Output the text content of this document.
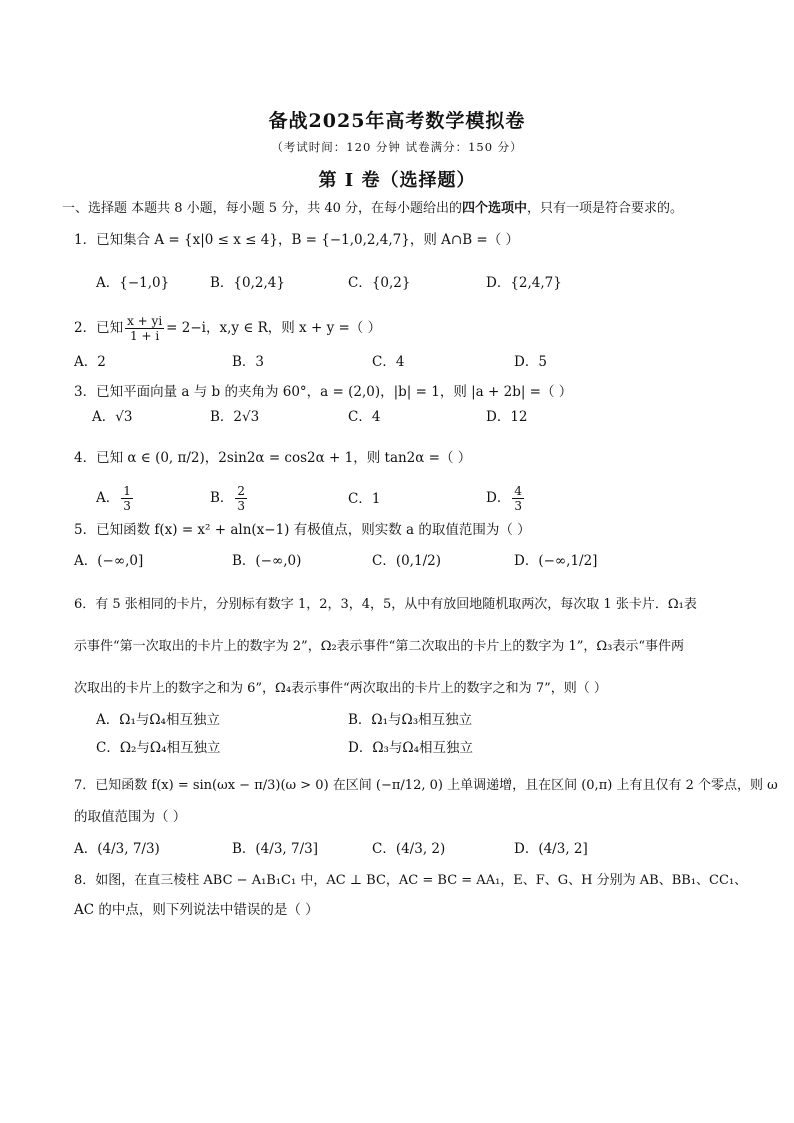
备战2025年高考数学模拟卷
（考试时间：120 分钟 试卷满分：150 分）
第 I 卷（选择题）
一、选择题 本题共 8 小题，每小题 5 分，共 40 分，在每小题给出的四个选项中，只有一项是符合要求的。
1．已知集合 A = {x|0 ≤ x ≤ 4}，B = {−1,0,2,4,7}，则 A∩B =（ ）
A．{−1,0}	B．{0,2,4}	C．{0,2}	D．{2,4,7}
2．已知 $\frac{x + yi}{1 + i} = 2-i$，x,y ∈ R，则 x + y =（ ）
A．2	B．3	C．4	D．5
3．已知平面向量 a 与 b 的夹角为 60°，a = (2,0)，|b| = 1，则 |a + 2b| =（ ）
A．√3	B．2√3	C．4	D．12
4．已知 α ∈ (0, π/2)，2sin2α = cos2α + 1，则 tan2α =（ ）
A． $\frac{1}{3}$	B． $\frac{2}{3}$	C．1	D． $\frac{4}{3}$
5．已知函数 f(x) = x² + aln(x−1) 有极值点，则实数 a 的取值范围为（ ）
A．(−∞,0]	B．(−∞,0)	C．(0,1/2)	D．(−∞,1/2]
6．有 5 张相同的卡片，分别标有数字 1，2，3，4，5，从中有放回地随机取两次，每次取 1 张卡片．Ω₁表
示事件“第一次取出的卡片上的数字为 2”，Ω₂表示事件“第二次取出的卡片上的数字为 1”，Ω₃表示“事件两
次取出的卡片上的数字之和为 6”，Ω₄表示事件“两次取出的卡片上的数字之和为 7”，则（ ）
A．Ω₁与Ω₄相互独立	B．Ω₁与Ω₃相互独立
C．Ω₂与Ω₄相互独立	D．Ω₃与Ω₄相互独立
7．已知函数 f(x) = sin(ωx − π/3)(ω > 0) 在区间 (−π/12, 0) 上单调递增，且在区间 (0,π) 上有且仅有 2 个零点，则 ω
的取值范围为（ ）
A．(4/3, 7/3)	B．(4/3, 7/3]	C．(4/3, 2)	D．(4/3, 2]
8．如图，在直三棱柱 ABC − A₁B₁C₁ 中，AC ⊥ BC，AC = BC = AA₁，E、F、G、H 分别为 AB、BB₁、CC₁、
AC 的中点，则下列说法中错误的是（ ）
